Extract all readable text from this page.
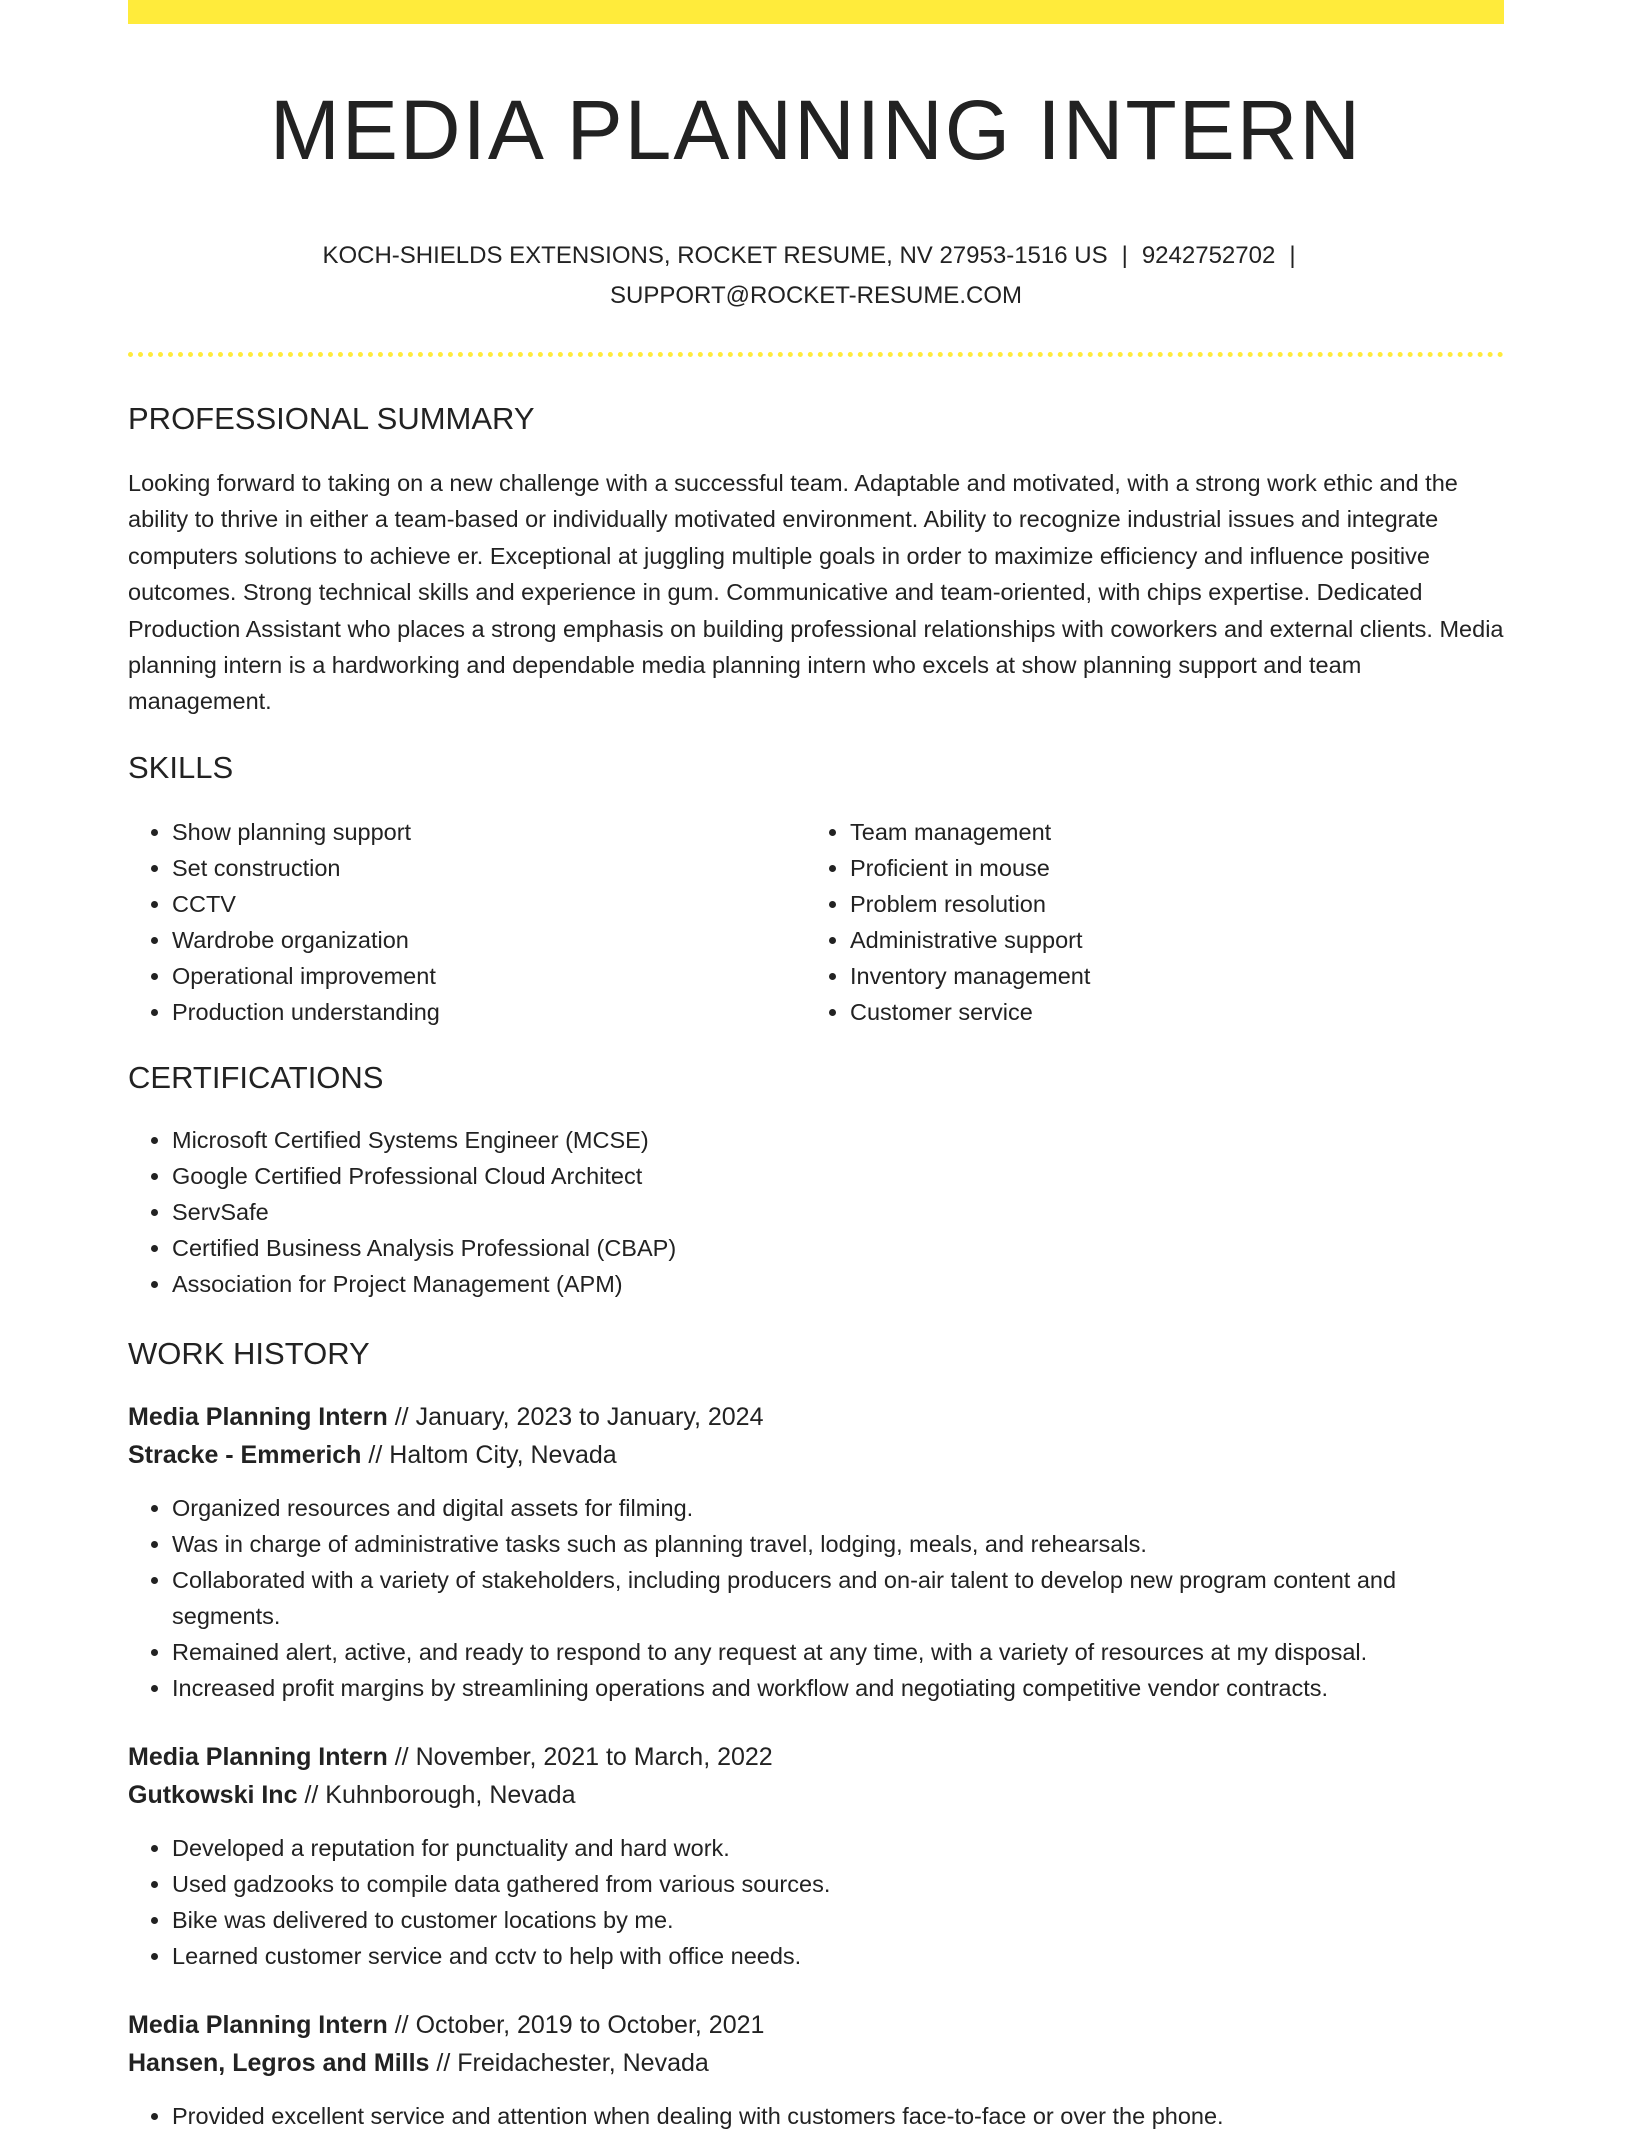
MEDIA PLANNING INTERN
KOCH-SHIELDS EXTENSIONS, ROCKET RESUME, NV 27953-1516 US | 9242752702 |
SUPPORT@ROCKET-RESUME.COM
PROFESSIONAL SUMMARY

Looking forward to taking on a new challenge with a successful team. Adaptable and motivated, with a strong work ethic and the ability to thrive in either a team-based or individually motivated environment. Ability to recognize industrial issues and integrate computers solutions to achieve er. Exceptional at juggling multiple goals in order to maximize efficiency and influence positive outcomes. Strong technical skills and experience in gum. Communicative and team-oriented, with chips expertise. Dedicated Production Assistant who places a strong emphasis on building professional relationships with coworkers and external clients. Media planning intern is a hardworking and dependable media planning intern who excels at show planning support and team management.

SKILLS
• Show planning support
• Set construction
• CCTV
• Wardrobe organization
• Operational improvement
• Production understanding
• Team management
• Proficient in mouse
• Problem resolution
• Administrative support
• Inventory management
• Customer service
CERTIFICATIONS
• Microsoft Certified Systems Engineer (MCSE)
• Google Certified Professional Cloud Architect
• ServSafe
• Certified Business Analysis Professional (CBAP)
• Association for Project Management (APM)
WORK HISTORY
Media Planning Intern // January, 2023 to January, 2024
Stracke - Emmerich // Haltom City, Nevada
• Organized resources and digital assets for filming.
• Was in charge of administrative tasks such as planning travel, lodging, meals, and rehearsals.
• Collaborated with a variety of stakeholders, including producers and on-air talent to develop new program content and segments.
• Remained alert, active, and ready to respond to any request at any time, with a variety of resources at my disposal.
• Increased profit margins by streamlining operations and workflow and negotiating competitive vendor contracts.
Media Planning Intern // November, 2021 to March, 2022
Gutkowski Inc // Kuhnborough, Nevada
• Developed a reputation for punctuality and hard work.
• Used gadzooks to compile data gathered from various sources.
• Bike was delivered to customer locations by me.
• Learned customer service and cctv to help with office needs.
Media Planning Intern // October, 2019 to October, 2021
Hansen, Legros and Mills // Freidachester, Nevada
• Provided excellent service and attention when dealing with customers face-to-face or over the phone.
